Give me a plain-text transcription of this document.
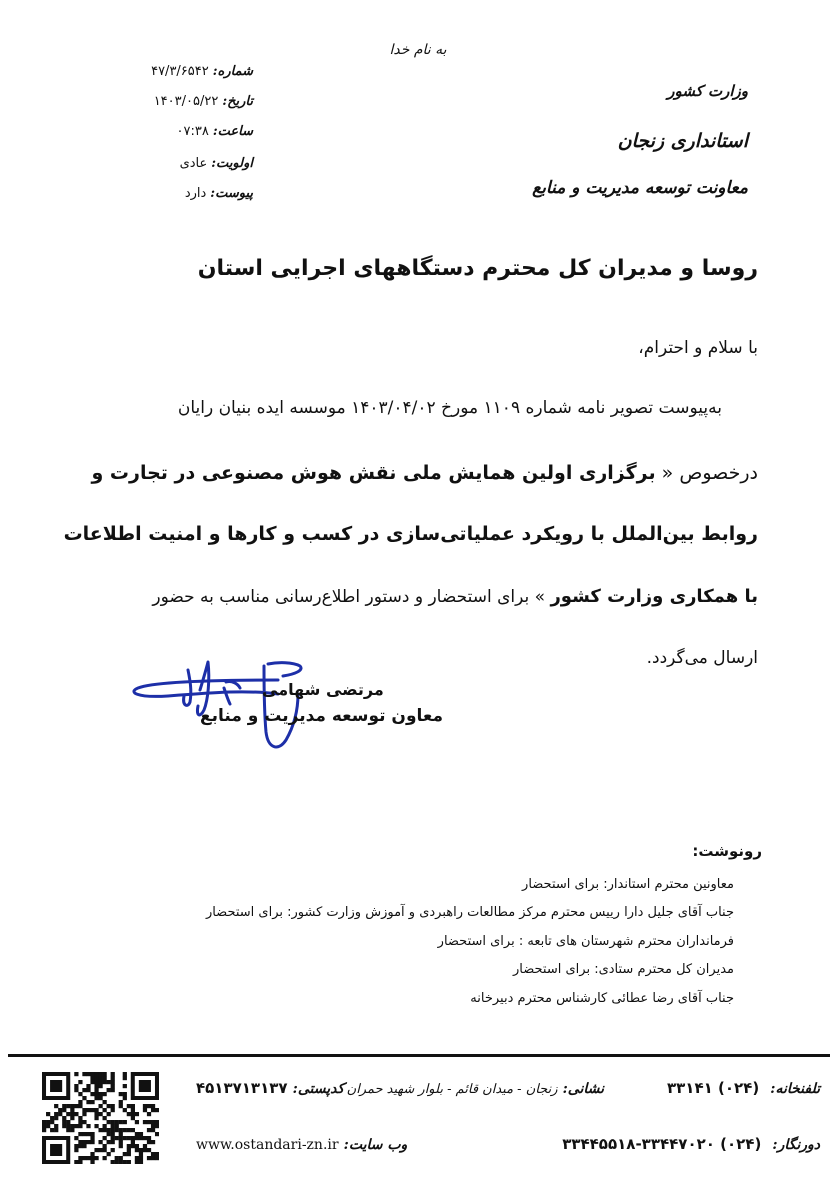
به نام خدا
وزارت کشور
استانداری زنجان
معاونت توسعه مدیریت و منابع
شماره:۴۷/۳/۶۵۴۲
تاریخ:۱۴۰۳/۰۵/۲۲
ساعت:۰۷:۳۸
اولویت:عادی
پیوست:دارد
روسا و مدیران کل محترم دستگاههای اجرایی استان
با سلام و احترام،
به‌پیوست تصویر نامه شماره ۱۱۰۹ مورخ ۱۴۰۳/۰۴/۰۲ موسسه ایده بنیان رایان
درخصوص « برگزاری اولین همایش ملی نقش هوش مصنوعی در تجارت و
روابط بین‌الملل با رویکرد عملیاتی‌سازی در کسب و کارها و امنیت اطلاعات
با همکاری وزارت کشور » برای استحضار و دستور اطلاع‌رسانی مناسب به حضور
ارسال می‌گردد.
مرتضی شهامی
معاون توسعه مدیریت و منابع
رونوشت:
معاونین محترم استاندار: برای استحضار
جناب آقای جلیل دارا رییس محترم مرکز مطالعات راهبردی و آموزش وزارت کشور: برای استحضار
فرمانداران محترم شهرستان های تابعه : برای استحضار
مدیران کل محترم ستادی: برای استحضار
جناب آقای رضا عطائی کارشناس محترم دبیرخانه
تلفنخانه: (۰۲۴) ۳۳۱۴۱
نشانی: زنجان - میدان قائم - بلوار شهید حمران
کدپستی: ۴۵۱۳۷۱۳۱۳۷
دورنگار: (۰۲۴) ۳۳۴۴۷۰۲۰-۳۳۴۴۵۵۱۸
وب سایت: www.ostandari-zn.ir
